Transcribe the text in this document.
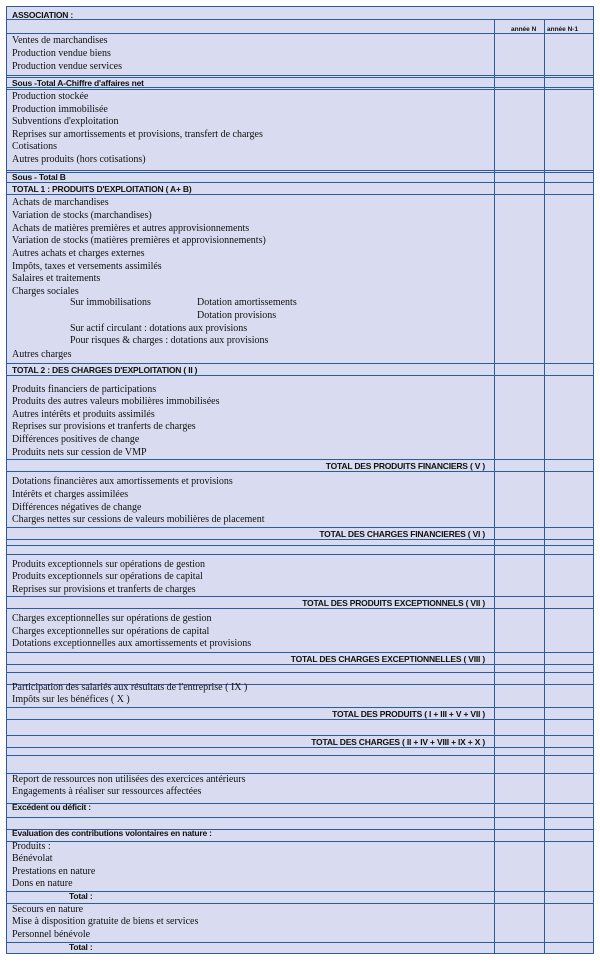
ASSOCIATION :
année N année N-1
Ventes de marchandises
Production vendue biens
Production vendue services
Sous -Total A-Chiffre d'affaires net
Production stockée
Production immobilisée
Subventions d'exploitation
Reprises sur amortissements et provisions, transfert de charges
Cotisations
Autres produits (hors cotisations)
Sous - Total B
TOTAL 1 : PRODUITS D'EXPLOITATION ( A+ B)
Achats de marchandises
Variation de stocks (marchandises)
Achats de matières premières et autres approvisionnements
Variation de stocks (matières premières et approvisionnements)
Autres achats et charges externes
Impôts, taxes et versements assimilés
Salaires et traitements
Charges sociales
Sur immobilisations	Dotation amortissements
Dotation provisions
Sur actif circulant : dotations aux provisions
Pour risques & charges : dotations aux provisions
Autres charges
TOTAL 2 : DES CHARGES D'EXPLOITATION ( II )
Produits financiers de participations
Produits des autres valeurs mobilières immobilisées
Autres intérêts et produits assimilés
Reprises sur provisions et tranferts de charges
Différences positives de change
Produits nets sur cession de VMP
TOTAL DES PRODUITS FINANCIERS ( V )
Dotations financières aux amortissements et provisions
Intérêts et charges assimilées
Différences négatives de change
Charges nettes sur cessions de valeurs mobilières de placement
TOTAL DES CHARGES FINANCIERES ( VI )
Produits exceptionnels sur opérations de gestion
Produits exceptionnels sur opérations de capital
Reprises sur provisions et tranferts de charges
TOTAL DES PRODUITS EXCEPTIONNELS ( VII )
Charges exceptionnelles sur opérations de gestion
Charges exceptionnelles sur opérations de capital
Dotations exceptionnelles aux amortissements et provisions
TOTAL DES CHARGES EXCEPTIONNELLES ( VIII )
Participation des salariés aux résultats de l'entreprise ( IX )
Impôts sur les bénéfices ( X )
TOTAL DES PRODUITS ( I + III + V + VII )
TOTAL DES CHARGES ( II + IV + VIII + IX + X )
Report de ressources non utilisées des exercices antérieurs
Engagements à réaliser sur ressources affectées
Excédent ou déficit :
Evaluation des contributions volontaires en nature :
Produits :
Bénévolat
Prestations en nature
Dons en nature
Total :
Secours en nature
Mise à disposition gratuite de biens et services
Personnel bénévole
Total :
